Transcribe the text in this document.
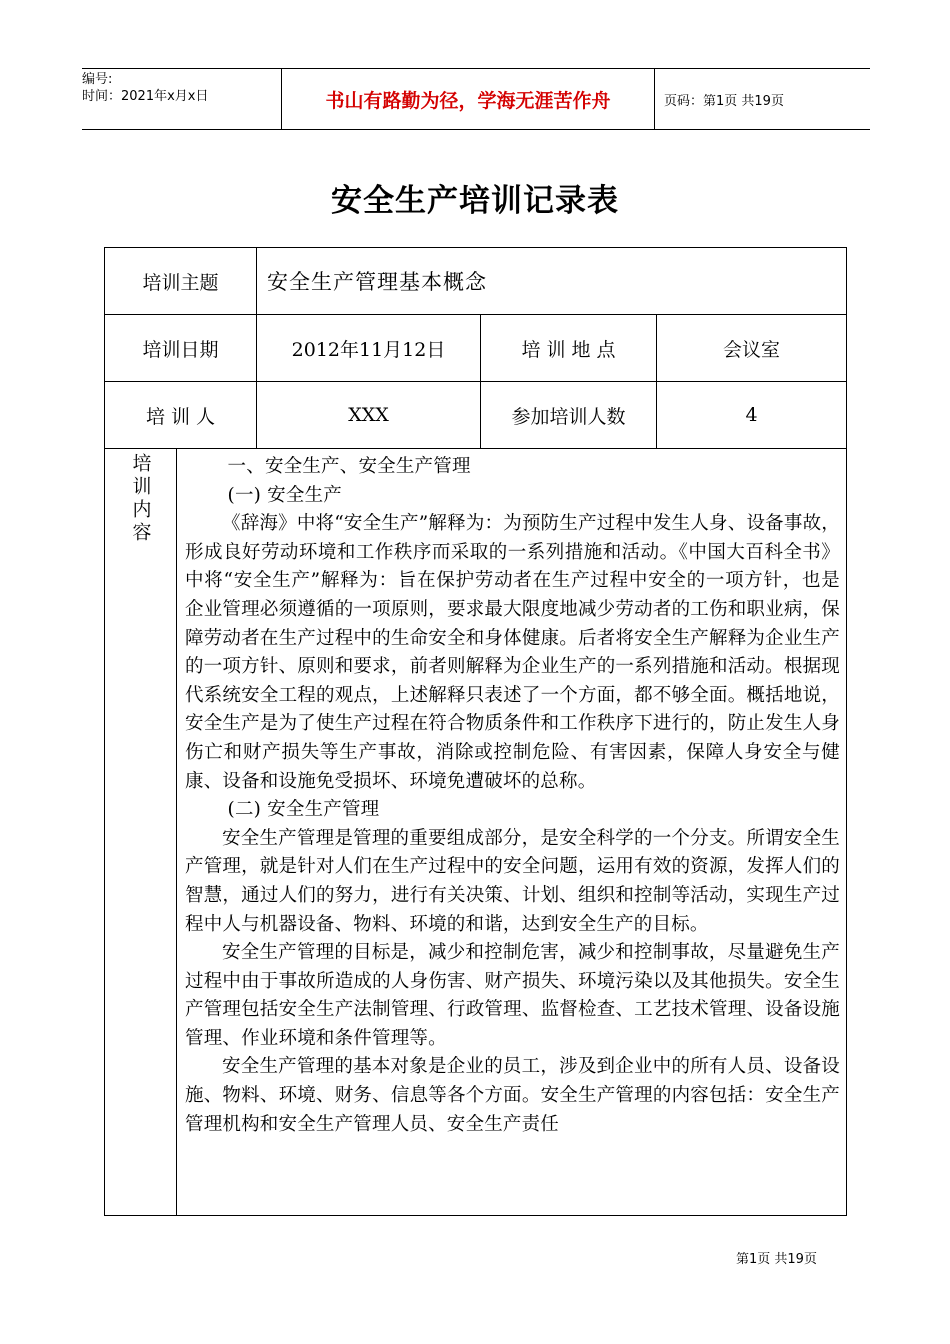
编号:
时间：2021年x月x日	书山有路勤为径，学海无涯苦作舟	页码：第1页 共19页
安全生产培训记录表
培训主题	安全生产管理基本概念
培训日期	2012年11月12日	培 训 地 点	会议室
培 训 人	XXX	参加培训人数	4
培训内容	一、安全生产、安全生产管理

(一) 安全生产

《辞海》中将“安全生产”解释为：为预防生产过程中发生人身、设备事故，形成良好劳动环境和工作秩序而采取的一系列措施和活动。《中国大百科全书》中将“安全生产”解释为：旨在保护劳动者在生产过程中安全的一项方针，也是企业管理必须遵循的一项原则，要求最大限度地减少劳动者的工伤和职业病，保障劳动者在生产过程中的生命安全和身体健康。后者将安全生产解释为企业生产的一项方针、原则和要求，前者则解释为企业生产的一系列措施和活动。根据现代系统安全工程的观点，上述解释只表述了一个方面，都不够全面。概括地说，安全生产是为了使生产过程在符合物质条件和工作秩序下进行的，防止发生人身伤亡和财产损失等生产事故，消除或控制危险、有害因素，保障人身安全与健康、设备和设施免受损坏、环境免遭破坏的总称。

(二) 安全生产管理

安全生产管理是管理的重要组成部分，是安全科学的一个分支。所谓安全生产管理，就是针对人们在生产过程中的安全问题，运用有效的资源，发挥人们的智慧，通过人们的努力，进行有关决策、计划、组织和控制等活动，实现生产过程中人与机器设备、物料、环境的和谐，达到安全生产的目标。

安全生产管理的目标是，减少和控制危害，减少和控制事故，尽量避免生产过程中由于事故所造成的人身伤害、财产损失、环境污染以及其他损失。安全生产管理包括安全生产法制管理、行政管理、监督检查、工艺技术管理、设备设施管理、作业环境和条件管理等。

安全生产管理的基本对象是企业的员工，涉及到企业中的所有人员、设备设施、物料、环境、财务、信息等各个方面。安全生产管理的内容包括：安全生产管理机构和安全生产管理人员、安全生产责任

第1页 共19页
